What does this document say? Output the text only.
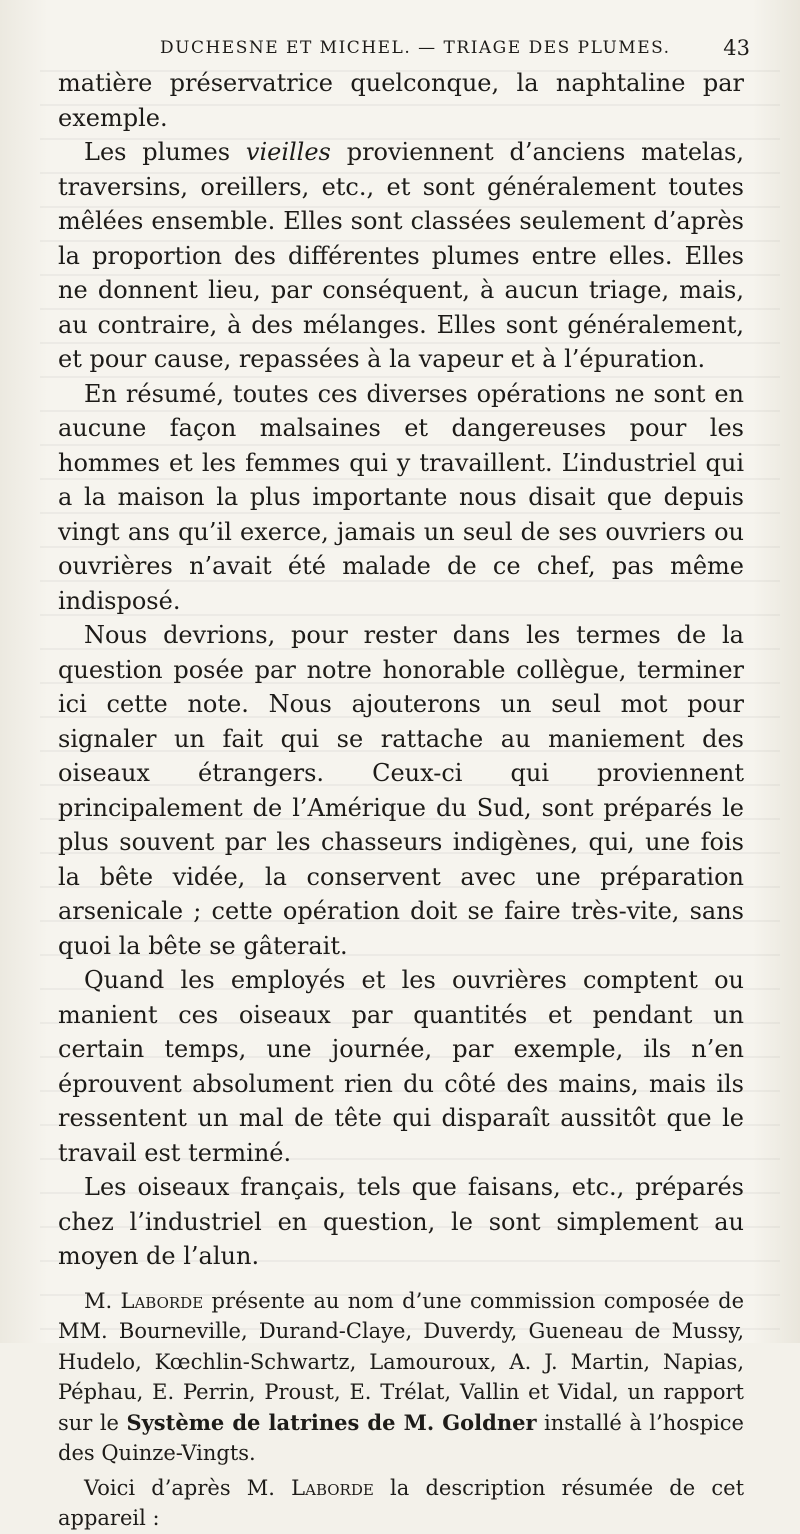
DUCHESNE ET MICHEL. — TRIAGE DES PLUMES.	43

matière préservatrice quelconque, la naphtaline par exemple.

Les plumes vieilles proviennent d’anciens matelas, traversins, oreillers, etc., et sont généralement toutes mêlées ensemble. Elles sont classées seulement d’après la proportion des différentes plumes entre elles. Elles ne donnent lieu, par conséquent, à aucun triage, mais, au contraire, à des mélanges. Elles sont généralement, et pour cause, repassées à la vapeur et à l’épuration.

En résumé, toutes ces diverses opérations ne sont en aucune façon malsaines et dangereuses pour les hommes et les femmes qui y travaillent. L’industriel qui a la maison la plus importante nous disait que depuis vingt ans qu’il exerce, jamais un seul de ses ouvriers ou ouvrières n’avait été malade de ce chef, pas même indisposé.

Nous devrions, pour rester dans les termes de la question posée par notre honorable collègue, terminer ici cette note. Nous ajouterons un seul mot pour signaler un fait qui se rattache au maniement des oiseaux étrangers. Ceux-ci qui proviennent principalement de l’Amérique du Sud, sont préparés le plus souvent par les chasseurs indigènes, qui, une fois la bête vidée, la conservent avec une préparation arsenicale ; cette opération doit se faire très-vite, sans quoi la bête se gâterait.

Quand les employés et les ouvrières comptent ou manient ces oiseaux par quantités et pendant un certain temps, une journée, par exemple, ils n’en éprouvent absolument rien du côté des mains, mais ils ressentent un mal de tête qui disparaît aussitôt que le travail est terminé.

Les oiseaux français, tels que faisans, etc., préparés chez l’industriel en question, le sont simplement au moyen de l’alun.

M. Laborde présente au nom d’une commission composée de MM. Bourneville, Durand-Claye, Duverdy, Gueneau de Mussy, Hudelo, Kœchlin-Schwartz, Lamouroux, A. J. Martin, Napias, Péphau, E. Perrin, Proust, E. Trélat, Vallin et Vidal, un rapport sur le Système de latrines de M. Goldner installé à l’hospice des Quinze-Vingts.

Voici d’après M. Laborde la description résumée de cet appareil :
